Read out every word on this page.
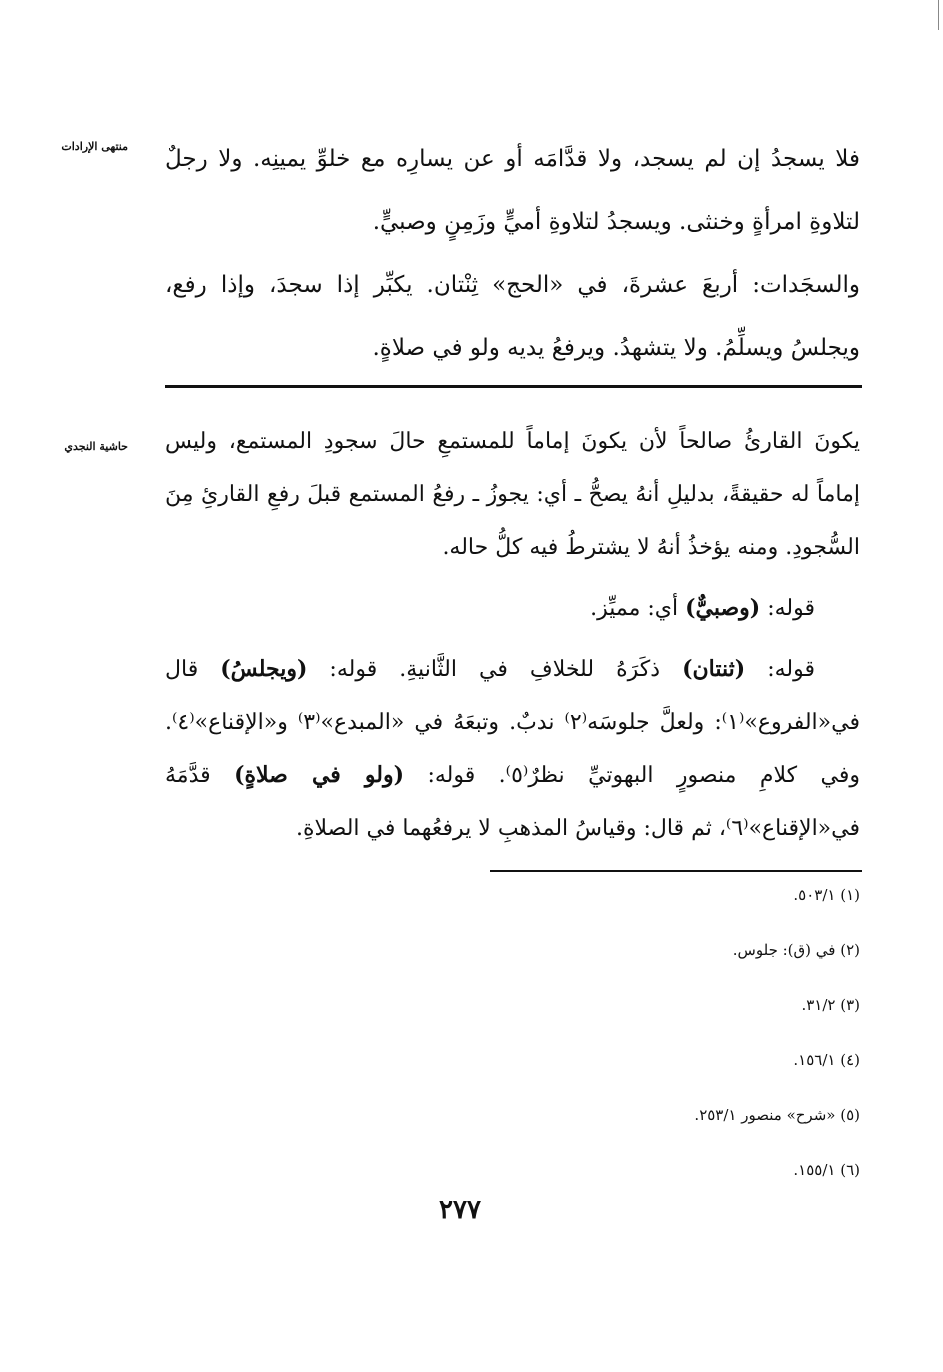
منتهى الإرادات فلا يسجدُ إن لم يسجد، ولا قدَّامَه أو عن يسارِه مع خلوِّ يمينِه. ولا رجلٌ لتلاوةِ امرأةٍ وخنثى. ويسجدُ لتلاوةِ أميٍّ وزَمِنٍ وصبيٍّ.

والسجَدات: أربعَ عشرةَ، في «الحج» ثِنْتان. يكبِّر إذا سجدَ، وإذا رفع، ويجلسُ ويسلِّمُ. ولا يتشهدُ. ويرفعُ يديه ولو في صلاةٍ.

حاشية النجدي يكونَ القارئُ صالحاً لأن يكونَ إماماً للمستمعِ حالَ سجودِ المستمع، وليس إماماً له حقيقةً، بدليلِ أنهُ يصحُّ ـ أي: يجوزُ ـ رفعُ المستمع قبلَ رفعِ القارئِ مِنَ السُّجودِ. ومنه يؤخذُ أنهُ لا يشترطُ فيه كلُّ حاله.

قوله: (وصبيٌّ) أي: مميِّز.

قوله: (ثنتان) ذكَرَهُ للخلافِ في الثَّانيةِ. قوله: (ويجلسُ) قال في«الفروع»⁽١⁾: ولعلَّ جلوسَه⁽٢⁾ ندبٌ. وتبعَهُ في «المبدع»⁽٣⁾ و«الإقناع»⁽٤⁾. وفي كلامِ منصورٍ البهوتيِّ نظرٌ⁽٥⁾. قوله: (ولو في صلاةٍ) قدَّمَهُ في«الإقناع»⁽٦⁾، ثم قال: وقياسُ المذهبِ لا يرفعُهما في الصلاةِ.

(١) ٥٠٣/١.
(٢) في (ق): جلوس.
(٣) ٣١/٢.
(٤) ١٥٦/١.
(٥) «شرح» منصور ٢٥٣/١.
(٦) ١٥٥/١.
٢٧٧
